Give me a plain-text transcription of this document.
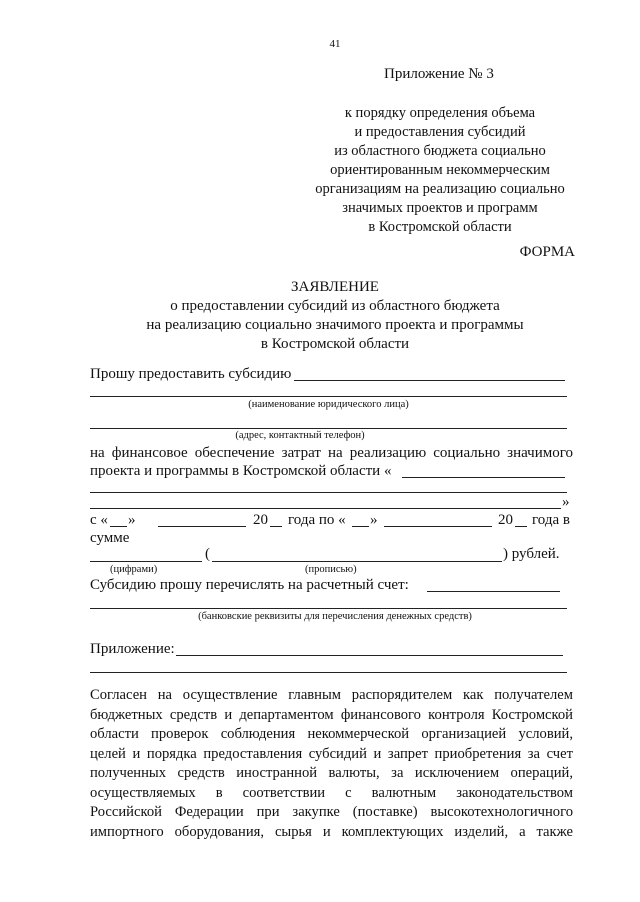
41
Приложение № 3
к порядку определения объема
и предоставления субсидий
из областного бюджета социально
ориентированным некоммерческим
организациям на реализацию социально
значимых проектов и программ
в Костромской области
ФОРМА
ЗАЯВЛЕНИЕ
о предоставлении субсидий из областного бюджета
на реализацию социально значимого проекта и программы
в Костромской области
Прошу предоставить субсидию
(наименование юридического лица)
(адрес, контактный телефон)
на финансовое обеспечение затрат на реализацию социально значимого
проекта и программы в Костромской области «
»
с « »	20 года по « »	20 года в
сумме
(	) рублей.
(цифрами)	(прописью)
Субсидию прошу перечислять на расчетный счет:
(банковские реквизиты для перечисления денежных средств)
Приложение:
Согласен на осуществление главным распорядителем как получателем
бюджетных средств и департаментом финансового контроля Костромской
области проверок соблюдения некоммерческой организацией условий,
целей и порядка предоставления субсидий и запрет приобретения за счет
полученных средств иностранной валюты, за исключением операций,
осуществляемых в соответствии с валютным законодательством
Российской Федерации при закупке (поставке) высокотехнологичного
импортного оборудования, сырья и комплектующих изделий, а также
